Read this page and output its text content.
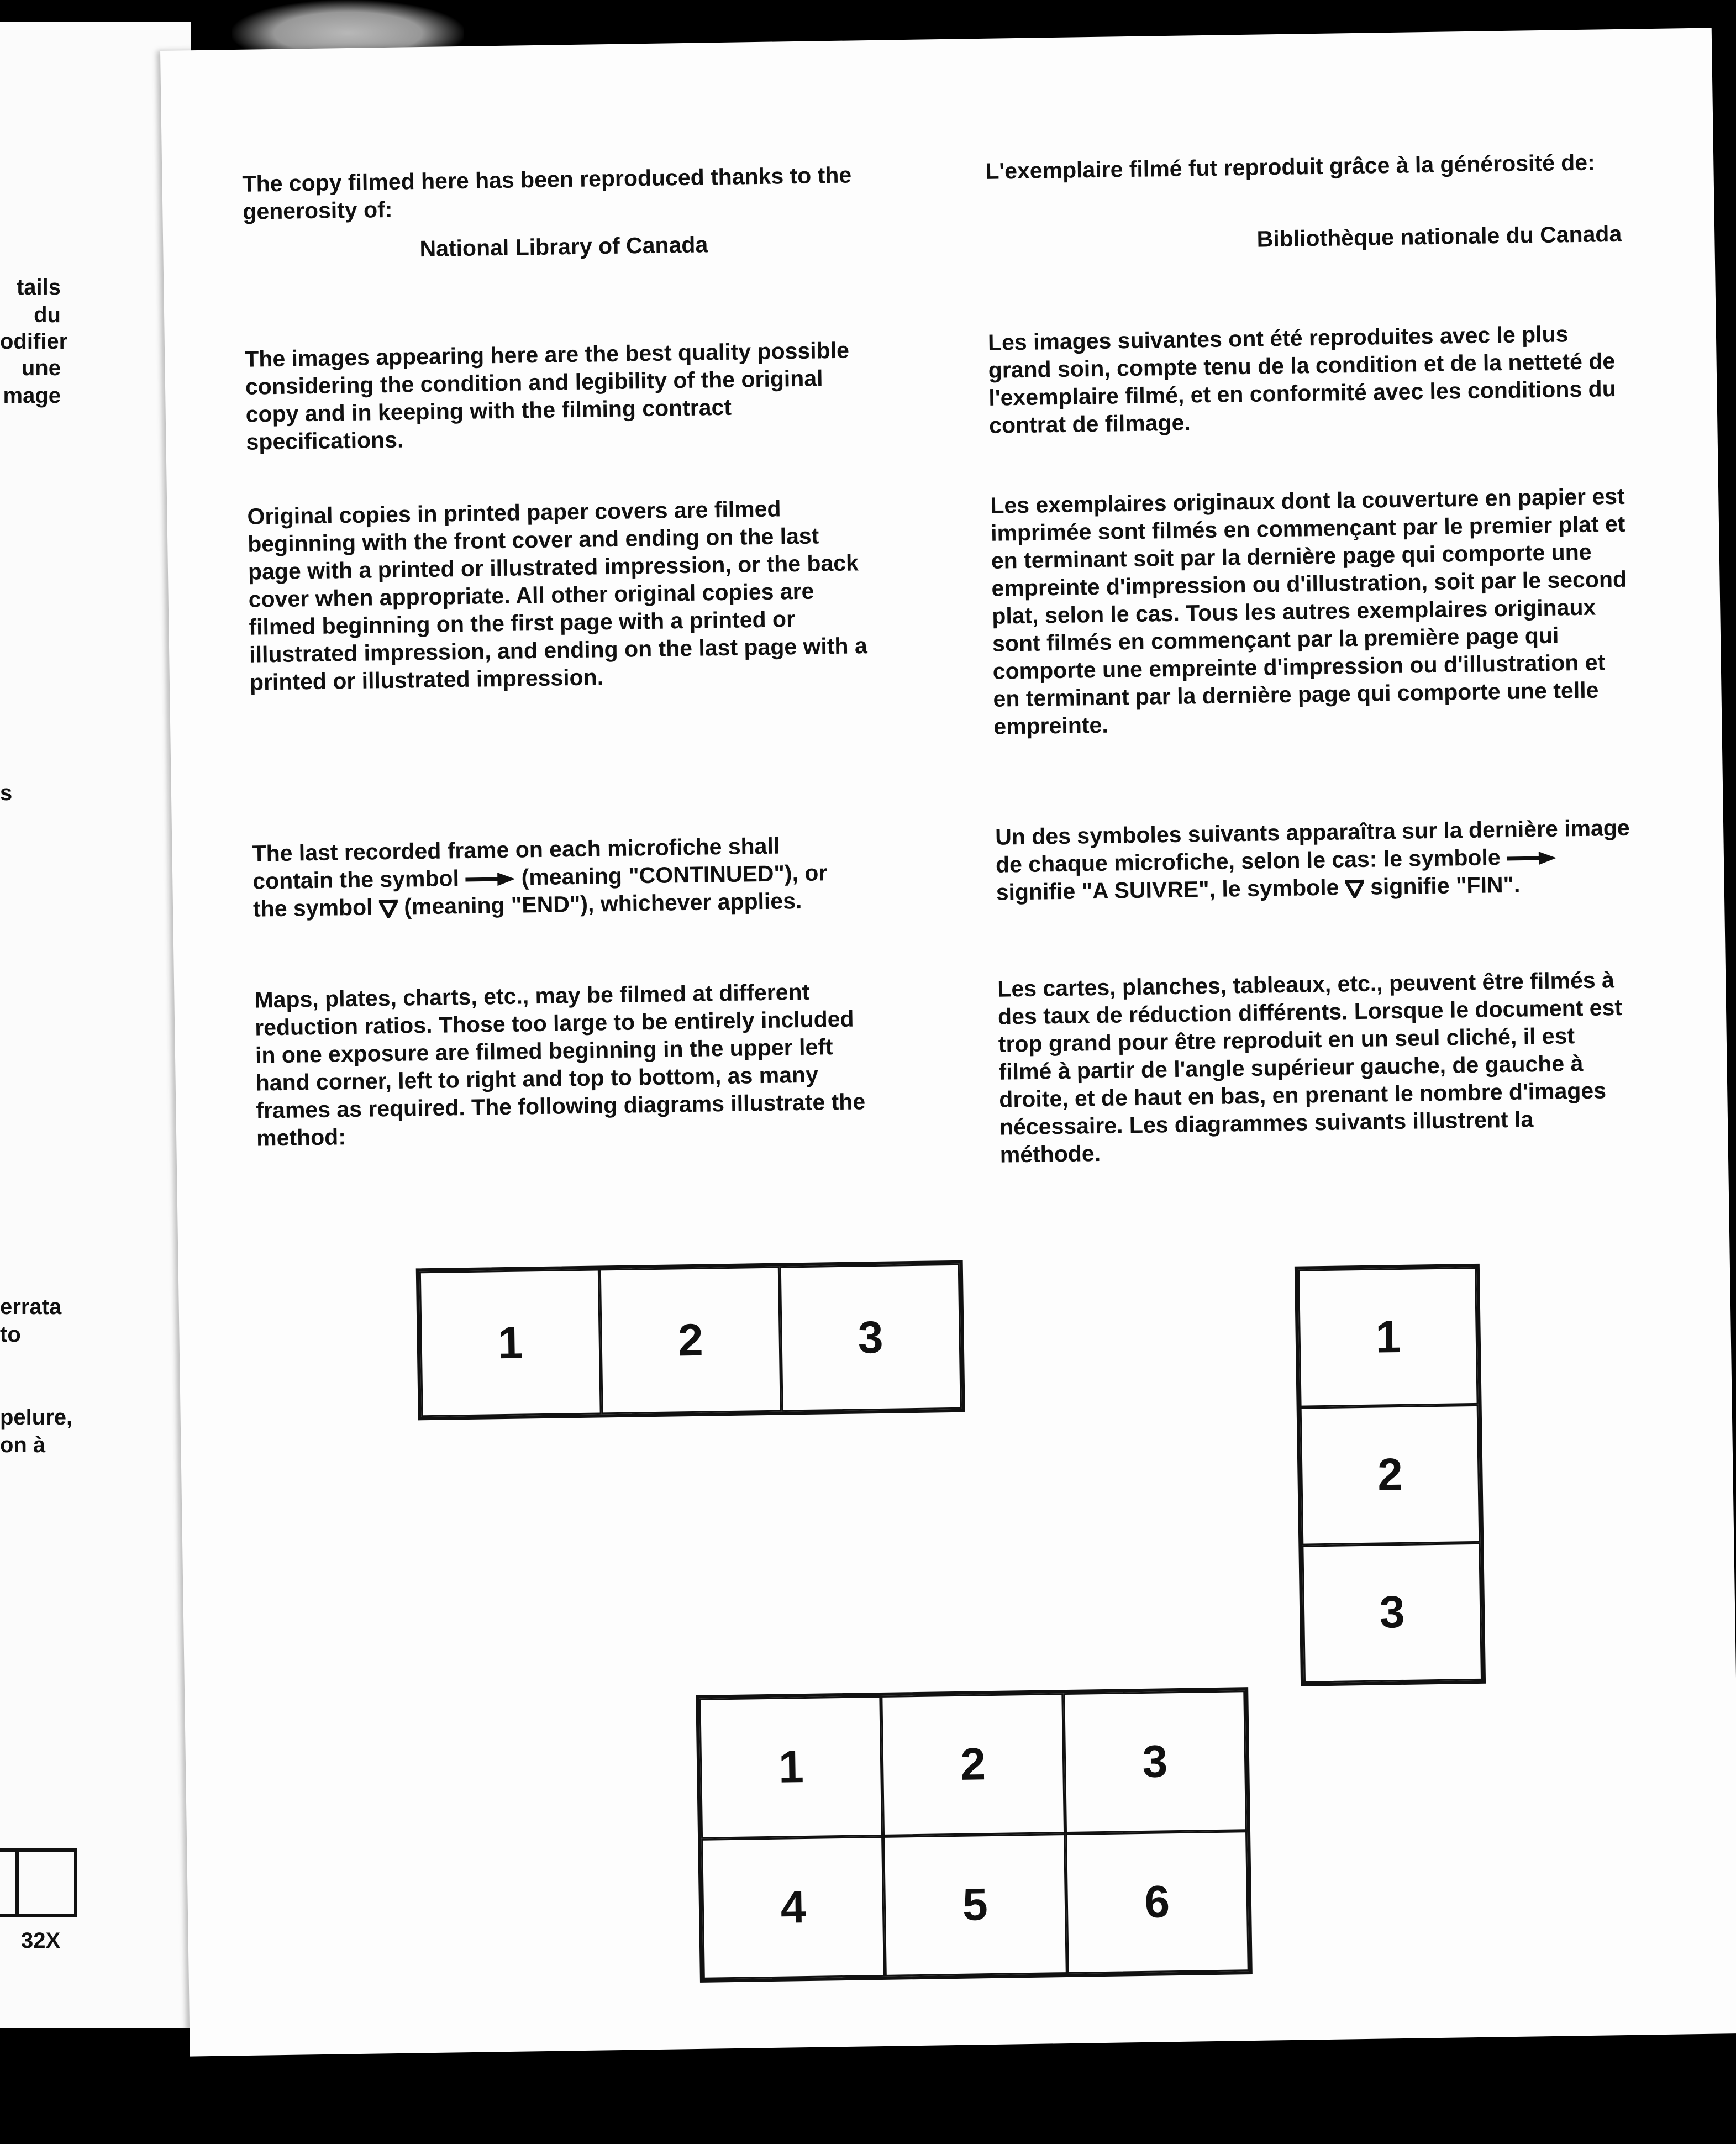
tails
du
odifier
une
mage
s
errata
to
pelure,
on à
32X

The copy filmed here has been reproduced thanks to the generosity of:

National Library of Canada

The images appearing here are the best quality possible considering the condition and legibility of the original copy and in keeping with the filming contract specifications.

Original copies in printed paper covers are filmed beginning with the front cover and ending on the last page with a printed or illustrated impression, or the back cover when appropriate. All other original copies are filmed beginning on the first page with a printed or illustrated impression, and ending on the last page with a printed or illustrated impression.

The last recorded frame on each microfiche shall contain the symbol	(meaning "CONTINUED"), or the symbol (meaning "END"), whichever applies.

Maps, plates, charts, etc., may be filmed at different reduction ratios. Those too large to be entirely included in one exposure are filmed beginning in the upper left hand corner, left to right and top to bottom, as many frames as required. The following diagrams illustrate the method:

L'exemplaire filmé fut reproduit grâce à la générosité de:

Bibliothèque nationale du Canada

Les images suivantes ont été reproduites avec le plus grand soin, compte tenu de la condition et de la netteté de l'exemplaire filmé, et en conformité avec les conditions du contrat de filmage.

Les exemplaires originaux dont la couverture en papier est imprimée sont filmés en commençant par le premier plat et en terminant soit par la dernière page qui comporte une empreinte d'impression ou d'illustration, soit par le second plat, selon le cas. Tous les autres exemplaires originaux sont filmés en commençant par la première page qui comporte une empreinte d'impression ou d'illustration et en terminant par la dernière page qui comporte une telle empreinte.

Un des symboles suivants apparaîtra sur la dernière image de chaque microfiche, selon le cas: le symbole  signifie "A SUIVRE", le symbole signifie "FIN".

Les cartes, planches, tableaux, etc., peuvent être filmés à des taux de réduction différents. Lorsque le document est trop grand pour être reproduit en un seul cliché, il est filmé à partir de l'angle supérieur gauche, de gauche à droite, et de haut en bas, en prenant le nombre d'images nécessaire. Les diagrammes suivants illustrent la méthode.

1	2	3	1
2
3
1	2	3
4	5	6
